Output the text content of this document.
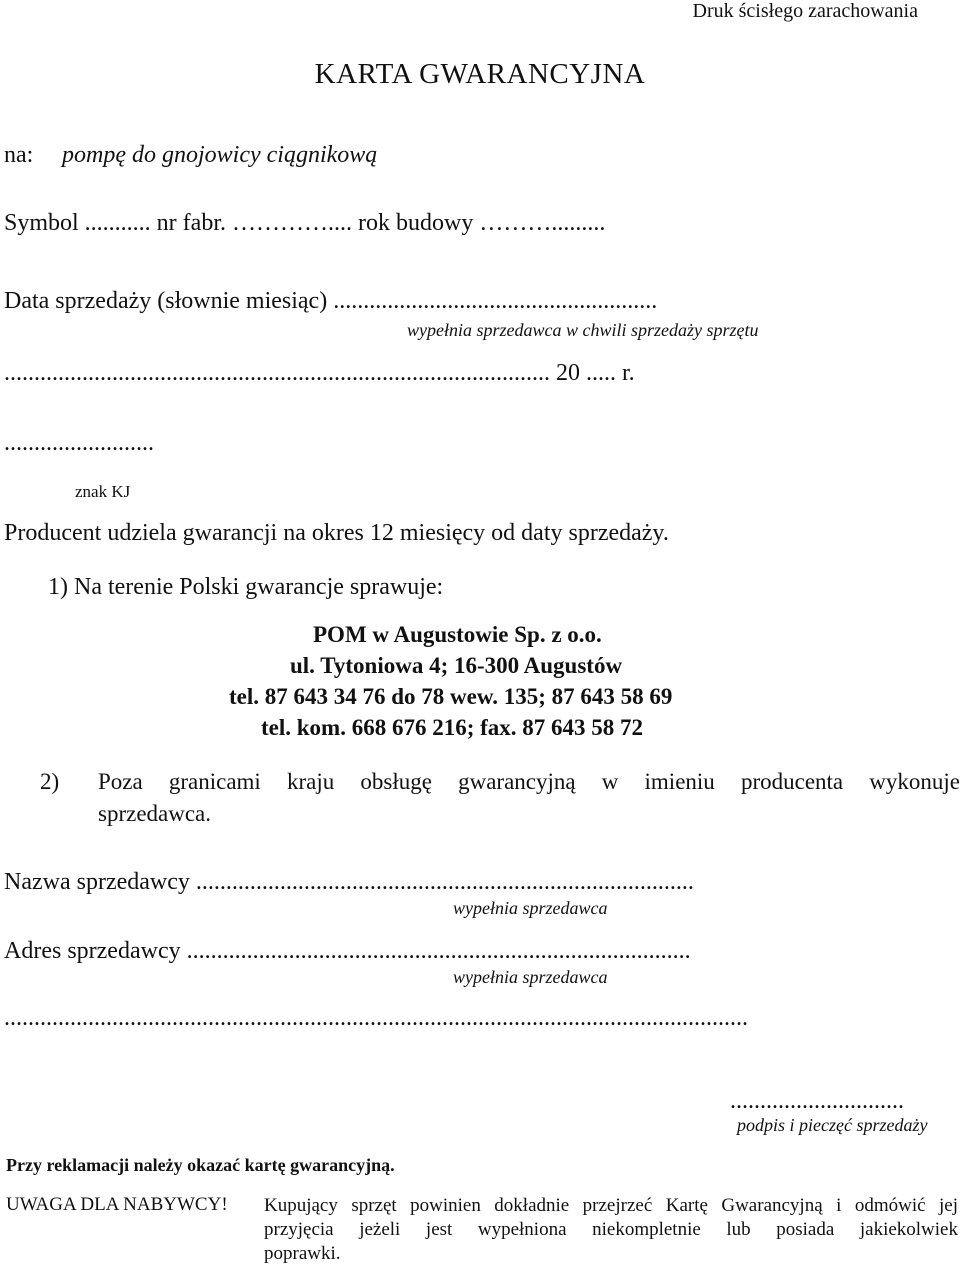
Druk ścisłego zarachowania
KARTA GWARANCYJNA
na: pompę do gnojowicy ciągnikową
Symbol ........... nr fabr. ………….... rok budowy ……….........
Data sprzedaży (słownie miesiąc) ......................................................
wypełnia sprzedawca w chwili sprzedaży sprzętu
........................................................................................... 20 ..... r.
.........................
znak KJ
Producent udziela gwarancji na okres 12 miesięcy od daty sprzedaży.
1) Na terenie Polski gwarancje sprawuje:
POM w Augustowie Sp. z o.o.
ul. Tytoniowa 4; 16-300 Augustów
tel. 87 643 34 76 do 78 wew. 135; 87 643 58 69
tel. kom. 668 676 216; fax. 87 643 58 72
2) Poza granicami kraju obsługę gwarancyjną w imieniu producenta wykonuje
sprzedawca.
Nazwa sprzedawcy ...................................................................................
wypełnia sprzedawca
Adres sprzedawcy ....................................................................................
wypełnia sprzedawca
............................................................................................................................
.............................
podpis i pieczęć sprzedaży
Przy reklamacji należy okazać kartę gwarancyjną.
UWAGA DLA NABYWCY! Kupujący sprzęt powinien dokładnie przejrzeć Kartę Gwarancyjną i odmówić jej
przyjęcia jeżeli jest wypełniona niekompletnie lub posiada jakiekolwiek
poprawki.
